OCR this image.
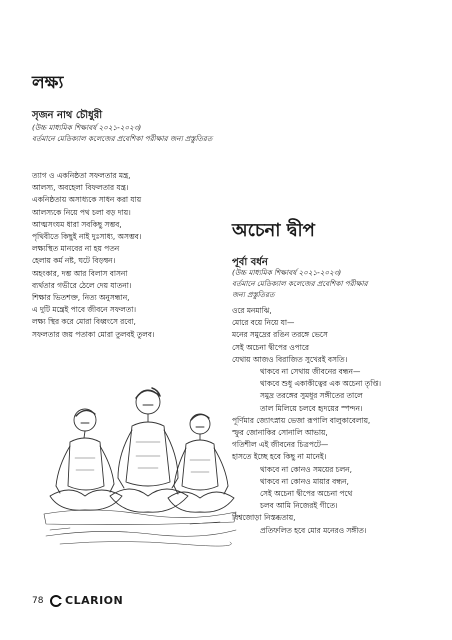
লক্ষ্য

সৃজন নাথ চৌধুরী

(উচ্চ মাধ্যমিক শিক্ষাবর্ষ ২০২১-২০২৩)

বর্তমানে মেডিক্যাল কলেজের প্রবেশিকা পরীক্ষার জন্য প্রস্তুতিরত

ত্যাগ ও একনিষ্ঠতা সফলতার মন্ত্র,
আলস্য, অবহেলা বিফলতার যন্ত্র।
একনিষ্ঠতায় অসাধ্যকে সাধন করা যায়
আলস্যকে নিয়ে পথ চলা বড় দায়।
আত্মসংযম ধারা সবকিছু সম্ভব,
পৃথিবীতে কিছুই নাই দুঃসাধ্য, অসম্ভব।
লক্ষ্যস্থিত মানবের না হয় পতন
হেলায় কর্ম নষ্ট, ঘটে বিড়ম্বন।
অহংকার, দম্ভ আর বিলাস বাসনা
ব্যর্থতার গভীরে ঠেলে দেয় যাতনা।
শিক্ষার ভিতশক্ত, নিত্য অনুসন্ধান,
এ দুটি মন্ত্রেই পাবে জীবনে সফলতা।
লক্ষ্য স্থির করে মোরা বিধ্বংসে রবো,
সফলতার জয় পতাকা মোরা তুলবই তুলব।
অচেনা দ্বীপ

পূর্বা বর্ধন

(উচ্চ মাধ্যমিক শিক্ষাবর্ষ ২০২১-২০২৩)

বর্তমানে মেডিক্যাল কলেজের প্রবেশিকা পরীক্ষার

জন্য প্রস্তুতিরত

ওরে মনমাঝি,
মোরে বয়ে নিয়ে যা—
মনের সমুদ্রের রঙিন তরঙ্গে ভেসে
সেই অচেনা দ্বীপের ওপারে
যেথায় আজও বিরাজিত সুখেরই বসতি।
থাকবে না সেথায় জীবনের বন্ধন—
থাকবে শুধু একাকীত্বের এক অচেনা তৃপ্তি।
সমুদ্র তরঙ্গের সুমধুর সঙ্গীতের তালে
তাল মিলিয়ে চলবে হৃদয়ের স্পন্দন।
পূর্ণিমার জ্যোৎস্নায় ভেজা রূপালি বালুকাবেলায়,
স্ফুর জোনাকির সোনালি আভায়,
গতিশীল এই জীবনের চিত্রপটে—
হাসতে ইচ্ছে হবে কিছু না মানেই।
থাকবে না কোনও সময়ের চলন,
থাকবে না কোনও মায়ার বন্ধন,
সেই অচেনা দ্বীপের অচেনা পথে
চলব আমি নিজেরই গীতে।
বিশ্বজোড়া নিস্তব্ধতায়,
প্রতিফলিত হবে মোর মনেরও সঙ্গীত।

78 CLARION
